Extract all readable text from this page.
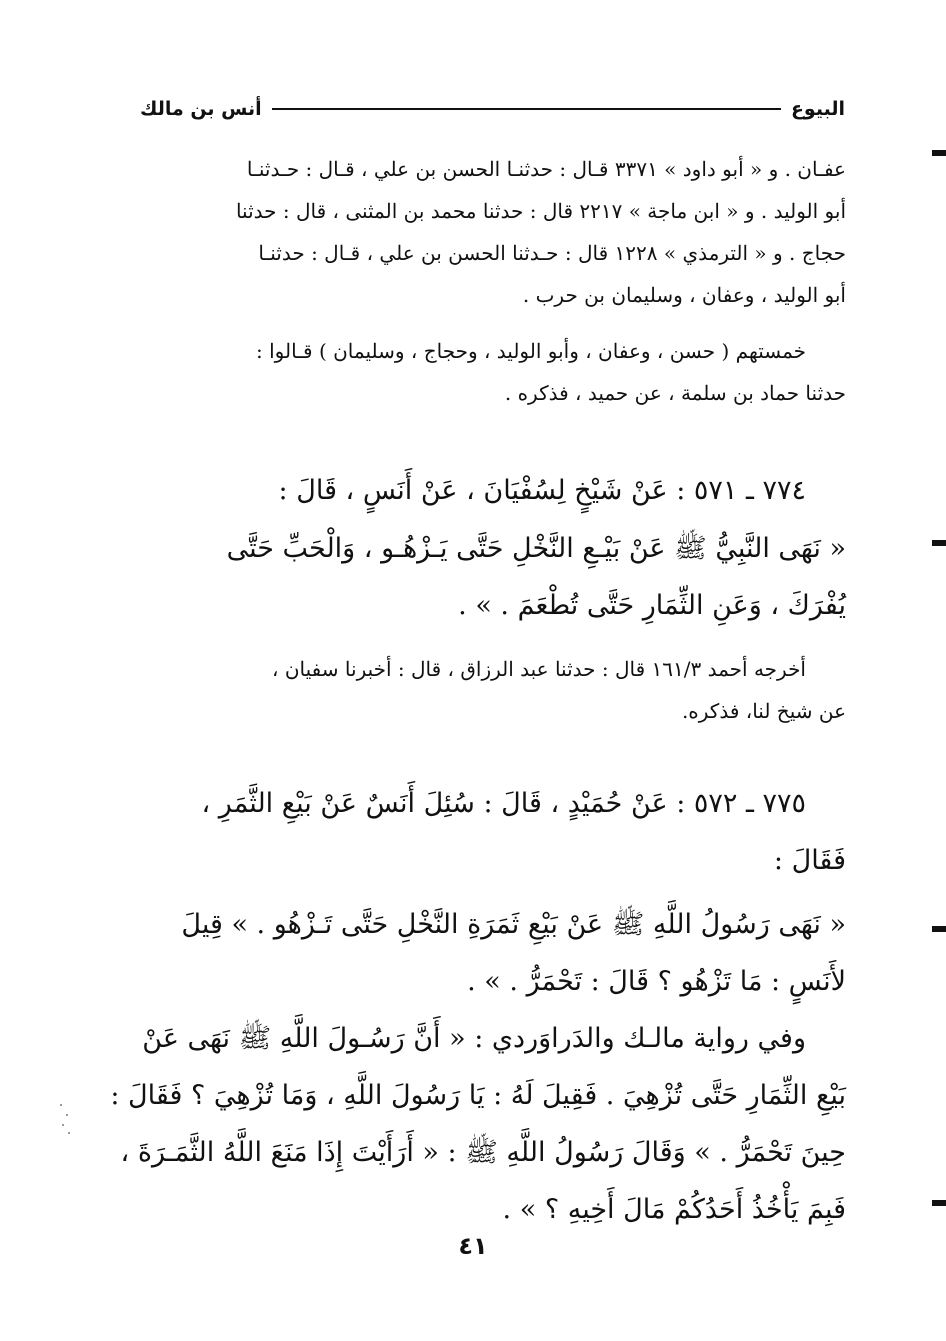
البيوع
أنس بن مالك
عفـان . و « أبو داود » ٣٣٧١ قـال : حدثنـا الحسن بن علي ، قـال : حـدثنـا
أبو الوليد . و « ابن ماجة » ٢٢١٧ قال : حدثنا محمد بن المثنى ، قال : حدثنا
حجاج . و « الترمذي » ١٢٢٨ قال : حـدثنا الحسن بن علي ، قـال : حدثنـا
أبو الوليد ، وعفان ، وسليمان بن حرب .
خمستهم ( حسن ، وعفان ، وأبو الوليد ، وحجاج ، وسليمان ) قـالوا :
حدثنا حماد بن سلمة ، عن حميد ، فذكره .
٧٧٤ ـ ٥٧١ : عَنْ شَيْخٍ لِسُفْيَانَ ، عَنْ أَنَسٍ ، قَالَ :
« نَهَى النَّبِيُّ ﷺ عَنْ بَيْـعِ النَّخْلِ حَتَّى يَـزْهُـو ، وَالْحَبِّ حَتَّى
يُفْرَكَ ، وَعَنِ الثِّمَارِ حَتَّى تُطْعَمَ . » .
أخرجه أحمد ١٦١/٣ قال : حدثنا عبد الرزاق ، قال : أخبرنا سفيان ،
عن شيخ لنا، فذكره.
٧٧٥ ـ ٥٧٢ : عَنْ حُمَيْدٍ ، قَالَ : سُئِلَ أَنَسٌ عَنْ بَيْعِ الثَّمَرِ ،
فَقَالَ :
« نَهَى رَسُولُ اللَّهِ ﷺ عَنْ بَيْعِ ثَمَرَةِ النَّخْلِ حَتَّى تَـزْهُو . » قِيلَ
لأَنَسٍ : مَا تَزْهُو ؟ قَالَ : تَحْمَرُّ . » .
وفي رواية مالـك والدَراوَردي : « أَنَّ رَسُـولَ اللَّهِ ﷺ نَهَى عَنْ
بَيْعِ الثِّمَارِ حَتَّى تُزْهِيَ . فَقِيلَ لَهُ : يَا رَسُولَ اللَّهِ ، وَمَا تُزْهِيَ ؟ فَقَالَ :
حِينَ تَحْمَرُّ . » وَقَالَ رَسُولُ اللَّهِ ﷺ : « أَرَأَيْتَ إِذَا مَنَعَ اللَّهُ الثَّمَـرَةَ ،
فَبِمَ يَأْخُذُ أَحَدُكُمْ مَالَ أَخِيهِ ؟ » .
٤١
